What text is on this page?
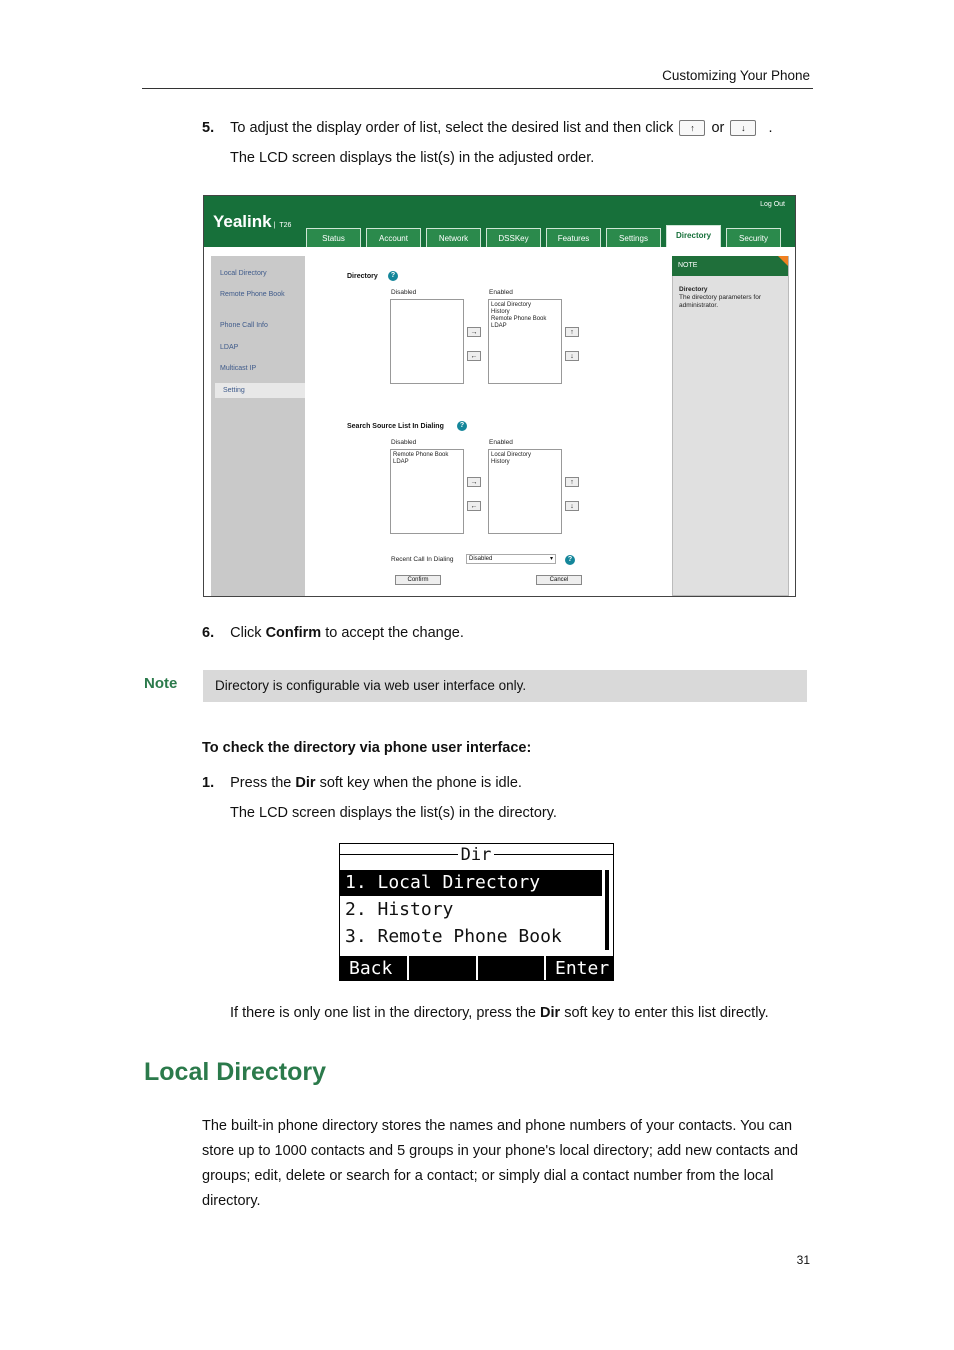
Customizing Your Phone
5. To adjust the display order of list, select the desired list and then click ↑ or ↓ .
The LCD screen displays the list(s) in the adjusted order.
Yealink | T26
Log Out
Status	Account	Network	DSSKey	Features	Settings	Directory	Security
Local Directory
Remote Phone Book
Phone Call Info
LDAP
Multicast IP
Setting
Directory	?
Disabled	Enabled
Local Directory
History
Remote Phone Book
LDAP
→
←
↑
↓
Search Source List In Dialing	?
Disabled	Enabled
Remote Phone Book
LDAP
Local Directory
History
→
←
↑
↓
Recent Call In Dialing	Disabled	▾	?
Confirm	Cancel
NOTE
Directory
The directory parameters for administrator.
6. Click Confirm to accept the change.
Note	Directory is configurable via web user interface only.
To check the directory via phone user interface:
1. Press the Dir soft key when the phone is idle.
The LCD screen displays the list(s) in the directory.
Dir
1. Local Directory
2. History
3. Remote Phone Book
Back	Enter
If there is only one list in the directory, press the Dir soft key to enter this list directly.
Local Directory
The built-in phone directory stores the names and phone numbers of your contacts. You can store up to 1000 contacts and 5 groups in your phone's local directory; add new contacts and groups; edit, delete or search for a contact; or simply dial a contact number from the local directory.
31
